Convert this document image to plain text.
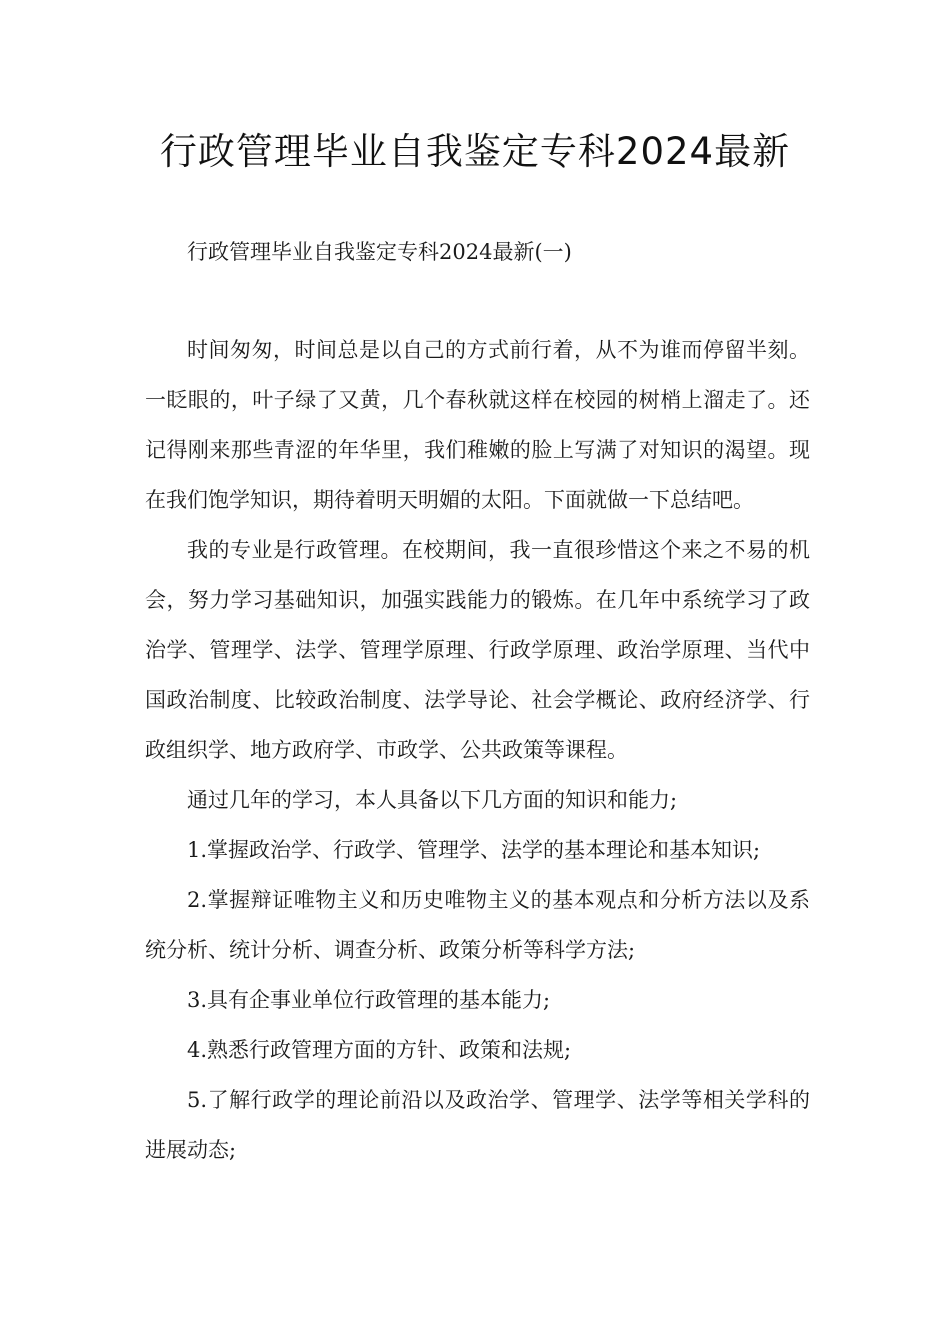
行政管理毕业自我鉴定专科2024最新
　　行政管理毕业自我鉴定专科2024最新(一)

时间匆匆，时间总是以自己的方式前行着，从不为谁而停留半刻。一眨眼的，叶子绿了又黄，几个春秋就这样在校园的树梢上溜走了。还记得刚来那些青涩的年华里，我们稚嫩的脸上写满了对知识的渴望。现在我们饱学知识，期待着明天明媚的太阳。下面就做一下总结吧。

我的专业是行政管理。在校期间，我一直很珍惜这个来之不易的机会，努力学习基础知识，加强实践能力的锻炼。在几年中系统学习了政治学、管理学、法学、管理学原理、行政学原理、政治学原理、当代中国政治制度、比较政治制度、法学导论、社会学概论、政府经济学、行政组织学、地方政府学、市政学、公共政策等课程。

通过几年的学习，本人具备以下几方面的知识和能力;

1.掌握政治学、行政学、管理学、法学的基本理论和基本知识;

2.掌握辩证唯物主义和历史唯物主义的基本观点和分析方法以及系统分析、统计分析、调查分析、政策分析等科学方法;

3.具有企事业单位行政管理的基本能力;

4.熟悉行政管理方面的方针、政策和法规;

5.了解行政学的理论前沿以及政治学、管理学、法学等相关学科的进展动态;
